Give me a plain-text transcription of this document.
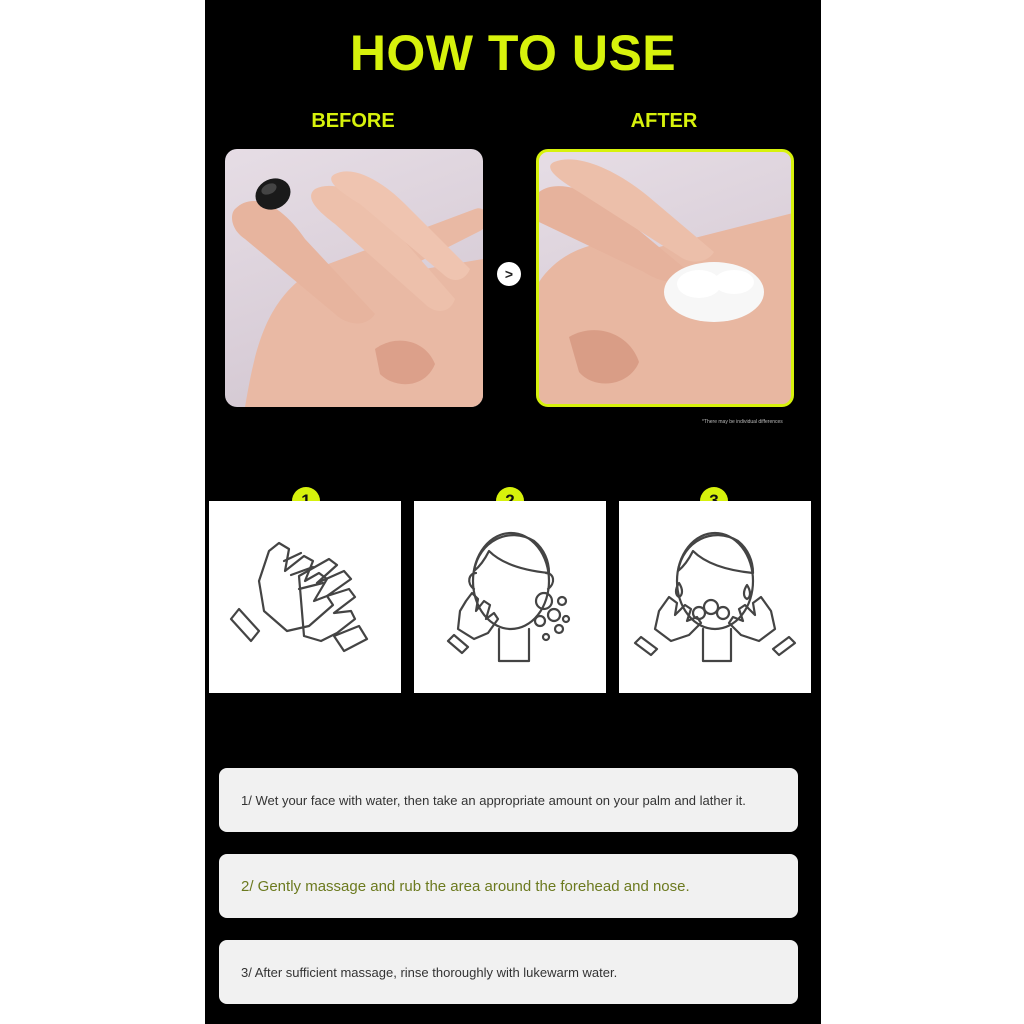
HOW TO USE
BEFORE	AFTER
>
*There may be individual differences
1/ Wet your face with water, then take an appropriate amount on your palm and lather it.
2/ Gently massage and rub the area around the forehead and nose.
3/ After sufficient massage, rinse thoroughly with lukewarm water.
